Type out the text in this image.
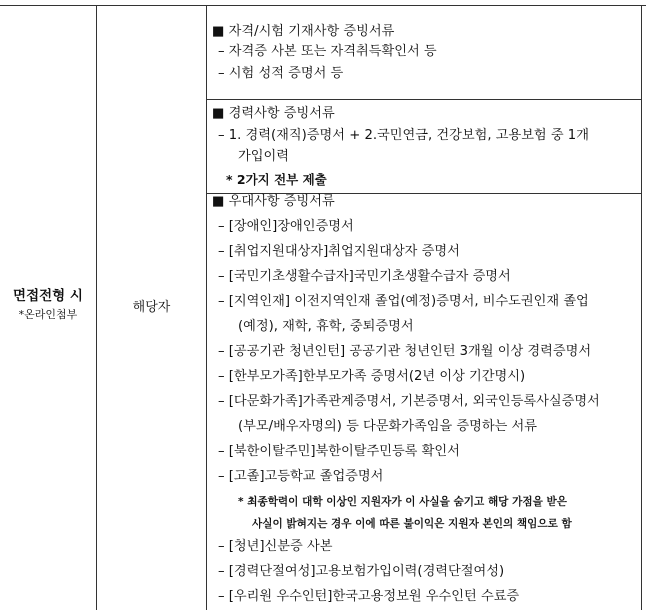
면접전형 시
*온라인첨부	해당자
■ 자격/시험 기재사항 증빙서류
– 자격증 사본 또는 자격취득확인서 등
– 시험 성적 증명서 등
■ 경력사항 증빙서류
– 1. 경력(재직)증명서 + 2.국민연금, 건강보험, 고용보험 중 1개
가입이력
* 2가지 전부 제출
■ 우대사항 증빙서류
– [장애인]장애인증명서
– [취업지원대상자]취업지원대상자 증명서
– [국민기초생활수급자]국민기초생활수급자 증명서
– [지역인재] 이전지역인재 졸업(예정)증명서, 비수도권인재 졸업
(예정), 재학, 휴학, 중퇴증명서
– [공공기관 청년인턴] 공공기관 청년인턴 3개월 이상 경력증명서
– [한부모가족]한부모가족 증명서(2년 이상 기간명시)
– [다문화가족]가족관계증명서, 기본증명서, 외국인등록사실증명서
(부모/배우자명의) 등 다문화가족임을 증명하는 서류
– [북한이탈주민]북한이탈주민등록 확인서
– [고졸]고등학교 졸업증명서
* 최종학력이 대학 이상인 지원자가 이 사실을 숨기고 해당 가점을 받은
사실이 밝혀지는 경우 이에 따른 불이익은 지원자 본인의 책임으로 함
– [청년]신분증 사본
– [경력단절여성]고용보험가입이력(경력단절여성)
– [우리원 우수인턴]한국고용정보원 우수인턴 수료증
